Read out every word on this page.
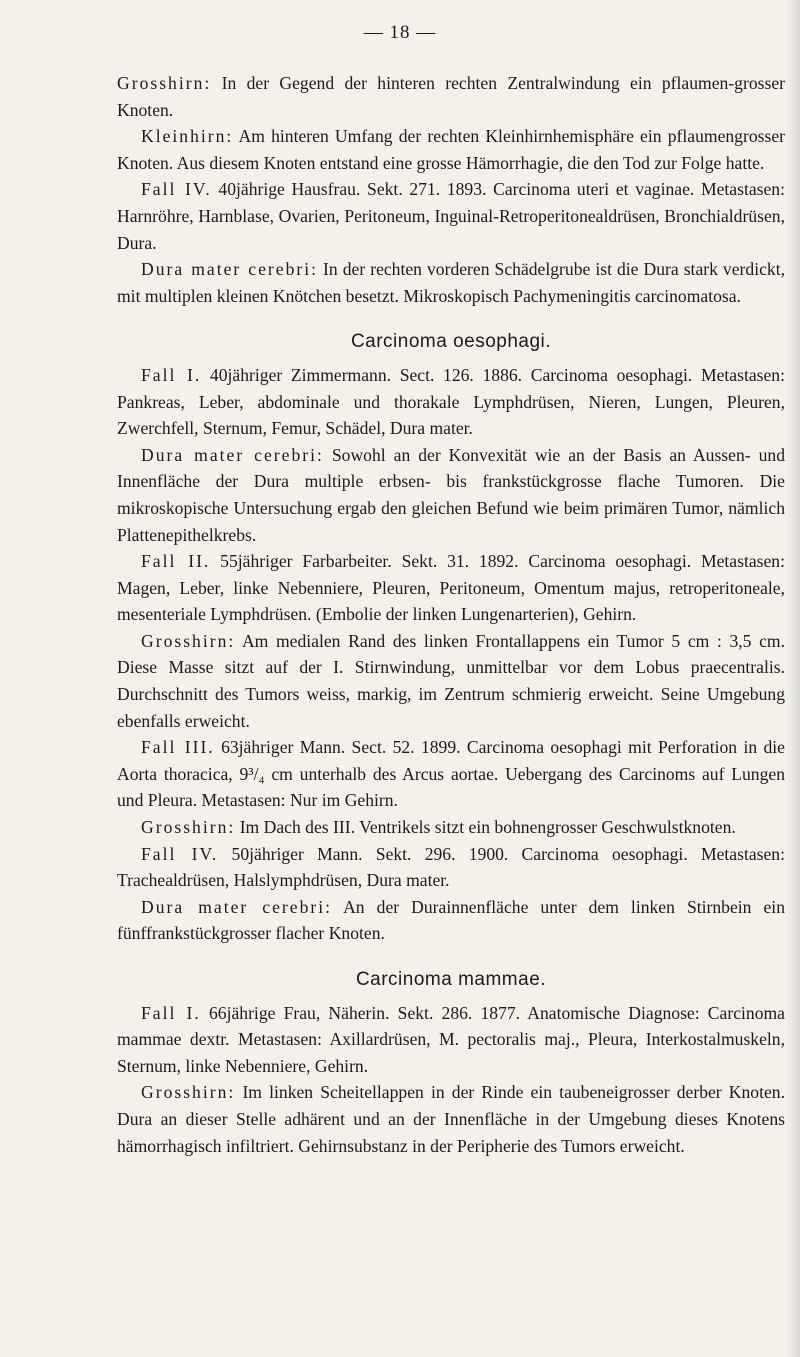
— 18 —

Grosshirn: In der Gegend der hinteren rechten Zentralwindung ein pflaumen-grosser Knoten.

Kleinhirn: Am hinteren Umfang der rechten Kleinhirnhemisphäre ein pflaumengrosser Knoten. Aus diesem Knoten entstand eine grosse Hämorrhagie, die den Tod zur Folge hatte.

Fall IV. 40jährige Hausfrau. Sekt. 271. 1893. Carcinoma uteri et vaginae. Metastasen: Harnröhre, Harnblase, Ovarien, Peritoneum, Inguinal-Retroperitonealdrüsen, Bronchialdrüsen, Dura.

Dura mater cerebri: In der rechten vorderen Schädelgrube ist die Dura stark verdickt, mit multiplen kleinen Knötchen besetzt. Mikroskopisch Pachymeningitis carcinomatosa.

Carcinoma oesophagi.

Fall I. 40jähriger Zimmermann. Sect. 126. 1886. Carcinoma oesophagi. Metastasen: Pankreas, Leber, abdominale und thorakale Lymphdrüsen, Nieren, Lungen, Pleuren, Zwerchfell, Sternum, Femur, Schädel, Dura mater.

Dura mater cerebri: Sowohl an der Konvexität wie an der Basis an Aussen- und Innenfläche der Dura multiple erbsen- bis frankstückgrosse flache Tumoren. Die mikroskopische Untersuchung ergab den gleichen Befund wie beim primären Tumor, nämlich Plattenepithelkrebs.

Fall II. 55jähriger Farbarbeiter. Sekt. 31. 1892. Carcinoma oesophagi. Metastasen: Magen, Leber, linke Nebenniere, Pleuren, Peritoneum, Omentum majus, retroperitoneale, mesenteriale Lymphdrüsen. (Embolie der linken Lungenarterien), Gehirn.

Grosshirn: Am medialen Rand des linken Frontallappens ein Tumor 5 cm : 3,5 cm. Diese Masse sitzt auf der I. Stirnwindung, unmittelbar vor dem Lobus praecentralis. Durchschnitt des Tumors weiss, markig, im Zentrum schmierig erweicht. Seine Umgebung ebenfalls erweicht.

Fall III. 63jähriger Mann. Sect. 52. 1899. Carcinoma oesophagi mit Perforation in die Aorta thoracica, 9³/₄ cm unterhalb des Arcus aortae. Uebergang des Carcinoms auf Lungen und Pleura. Metastasen: Nur im Gehirn.

Grosshirn: Im Dach des III. Ventrikels sitzt ein bohnengrosser Geschwulstknoten.

Fall IV. 50jähriger Mann. Sekt. 296. 1900. Carcinoma oesophagi. Metastasen: Trachealdrüsen, Halslymphdrüsen, Dura mater.

Dura mater cerebri: An der Durainnenfläche unter dem linken Stirnbein ein fünffrankstückgrosser flacher Knoten.

Carcinoma mammae.

Fall I. 66jährige Frau, Näherin. Sekt. 286. 1877. Anatomische Diagnose: Carcinoma mammae dextr. Metastasen: Axillardrüsen, M. pectoralis maj., Pleura, Interkostalmuskeln, Sternum, linke Nebenniere, Gehirn.

Grosshirn: Im linken Scheitellappen in der Rinde ein taubeneigrosser derber Knoten. Dura an dieser Stelle adhärent und an der Innenfläche in der Umgebung dieses Knotens hämorrhagisch infiltriert. Gehirnsubstanz in der Peripherie des Tumors erweicht.
